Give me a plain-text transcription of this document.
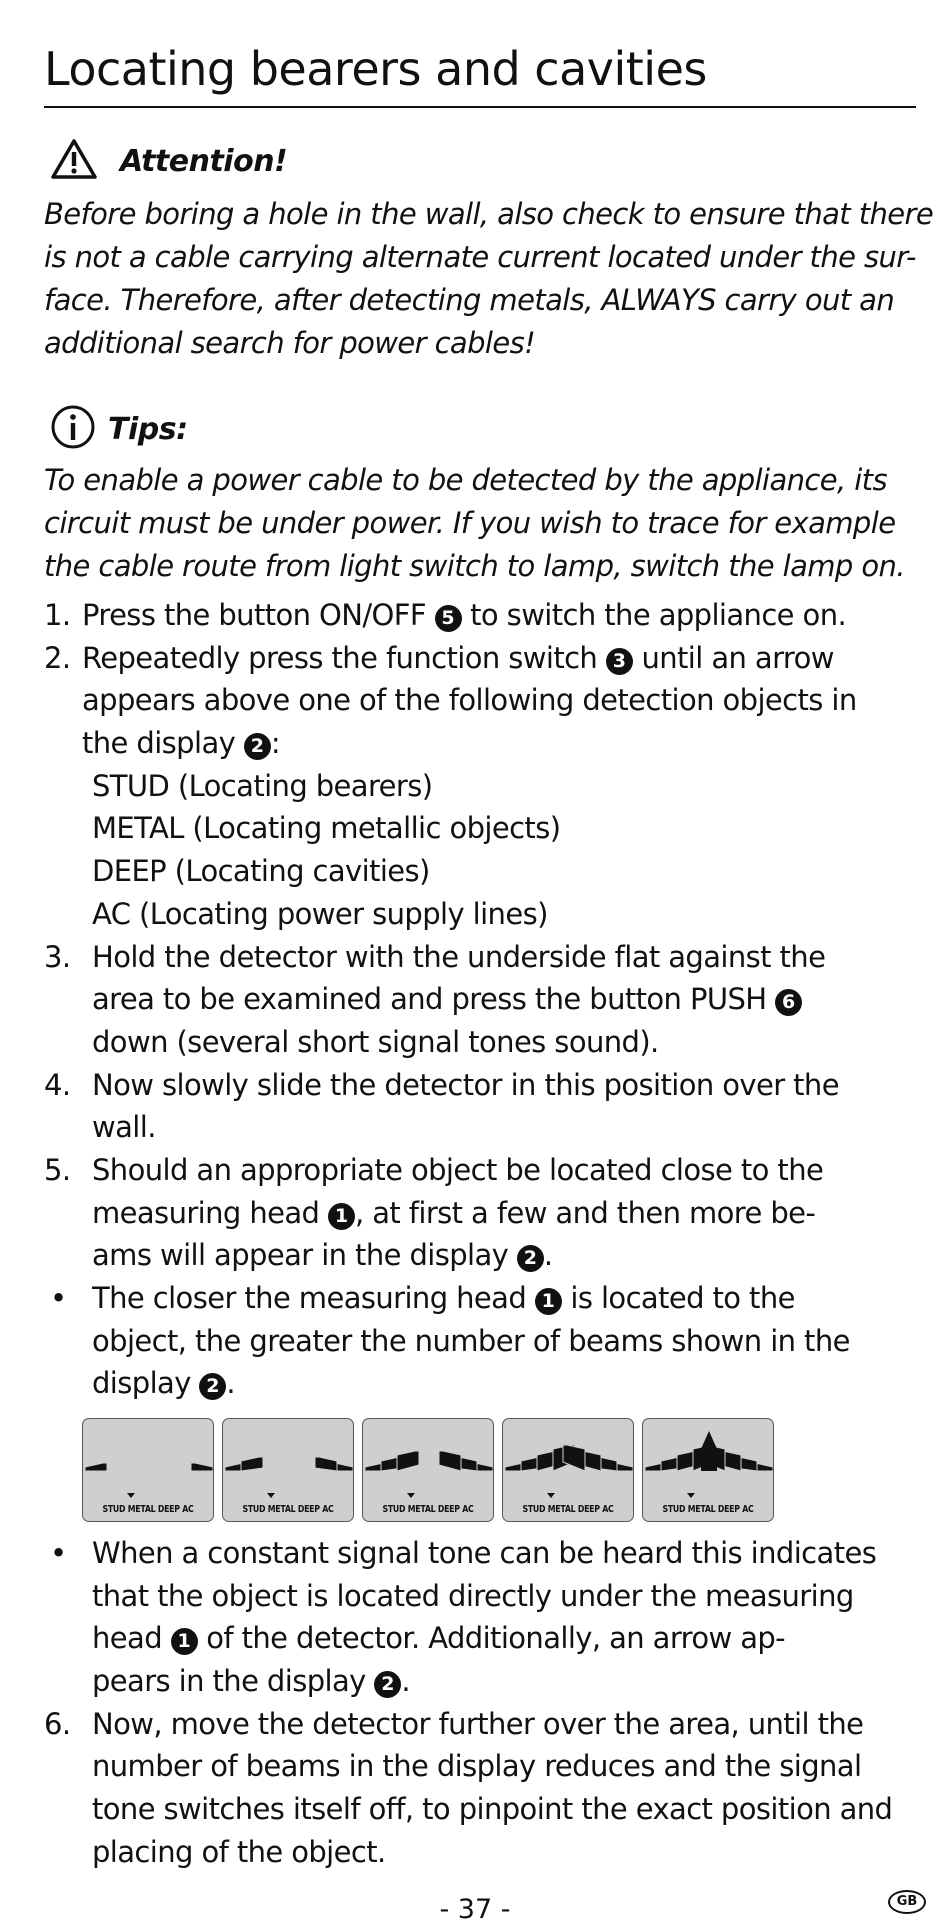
Locating bearers and cavities
Attention!
Before boring a hole in the wall, also check to ensure that there
is not a cable carrying alternate current located under the sur-
face. Therefore, after detecting metals, ALWAYS carry out an
additional search for power cables!
Tips:
To enable a power cable to be detected by the appliance, its
circuit must be under power. If you wish to trace for example
the cable route from light switch to lamp, switch the lamp on.
1. Press the button ON/OFF 5 to switch the appliance on.
2. Repeatedly press the function switch 3 until an arrow
appears above one of the following detection objects in
the display 2 :
STUD (Locating bearers)
METAL (Locating metallic objects)
DEEP (Locating cavities)
AC (Locating power supply lines)
3. Hold the detector with the underside flat against the
area to be examined and press the button PUSH 6
down (several short signal tones sound).
4. Now slowly slide the detector in this position over the
wall.
5. Should an appropriate object be located close to the
measuring head 1 , at first a few and then more be-
ams will appear in the display 2 .
• The closer the measuring head 1 is located to the
object, the greater the number of beams shown in the
display 2 .
STUD METAL DEEP AC	STUD METAL DEEP AC	STUD METAL DEEP AC	STUD METAL DEEP AC	STUD METAL DEEP AC
• When a constant signal tone can be heard this indicates
that the object is located directly under the measuring
head 1 of the detector. Additionally, an arrow ap-
pears in the display 2 .
6. Now, move the detector further over the area, until the
number of beams in the display reduces and the signal
tone switches itself off, to pinpoint the exact position and
placing of the object.
- 37 -	GB
